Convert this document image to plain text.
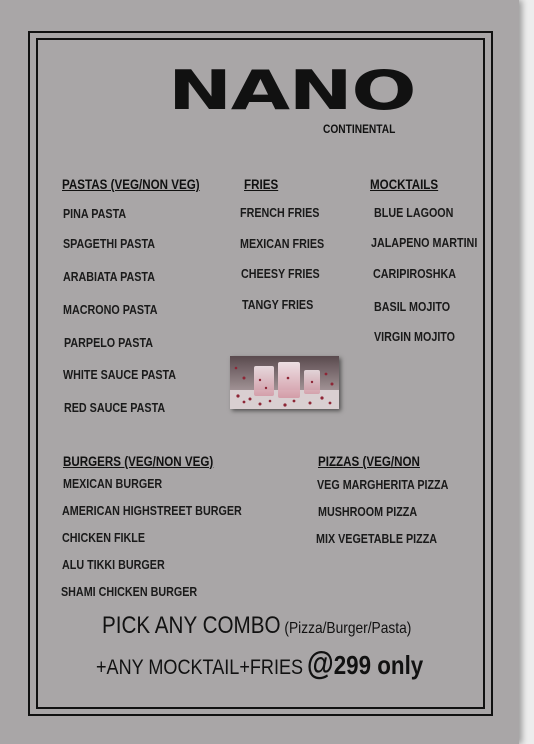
NANO
CONTINENTAL
PASTAS (VEG/NON VEG)
PINA PASTA
SPAGETHI PASTA
ARABIATA PASTA
MACRONO PASTA
PARPELO PASTA
WHITE SAUCE PASTA
RED SAUCE PASTA
FRIES
FRENCH FRIES
MEXICAN FRIES
CHEESY FRIES
TANGY FRIES
MOCKTAILS
BLUE LAGOON
JALAPENO MARTINI
CARIPIROSHKA
BASIL MOJITO
VIRGIN MOJITO
BURGERS (VEG/NON VEG)
MEXICAN BURGER
AMERICAN HIGHSTREET BURGER
CHICKEN FIKLE
ALU TIKKI BURGER
SHAMI CHICKEN BURGER
PIZZAS (VEG/NON
VEG MARGHERITA PIZZA
MUSHROOM PIZZA
MIX VEGETABLE PIZZA
PICK ANY COMBO (Pizza/Burger/Pasta)
+ANY MOCKTAIL+FRIES @299 only
